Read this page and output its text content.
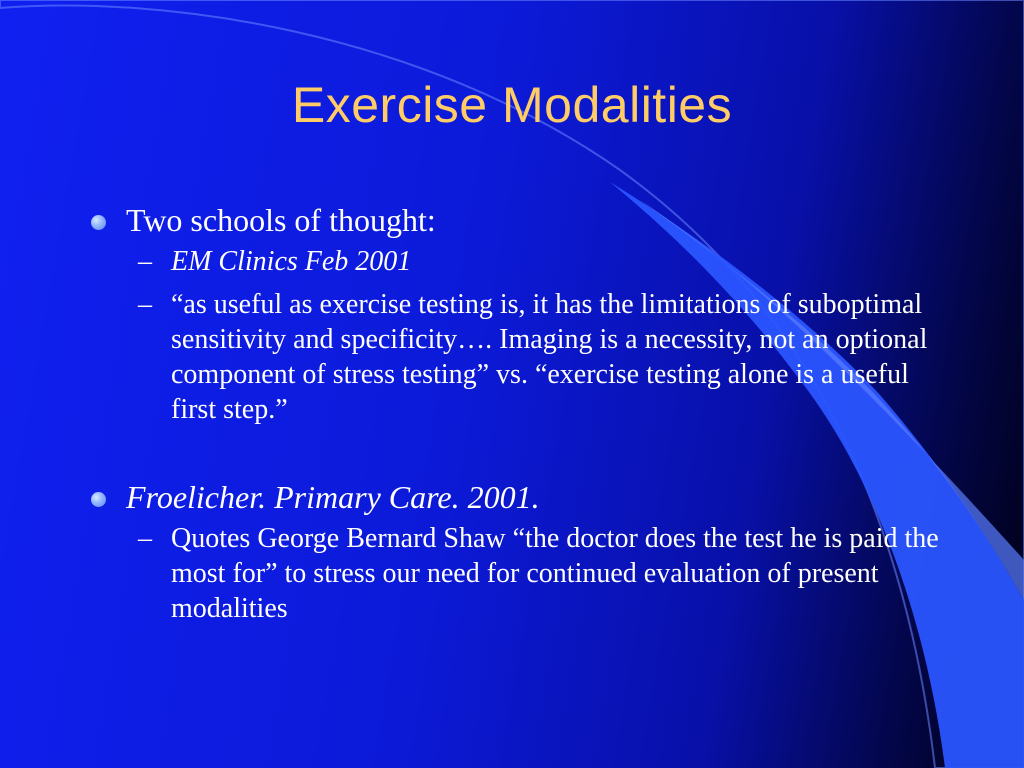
Exercise Modalities
Two schools of thought:
– EM Clinics Feb 2001
– “as useful as exercise testing is, it has the limitations of suboptimal sensitivity and specificity…. Imaging is a necessity, not an optional component of stress testing” vs. “exercise testing alone is a useful first step.”
Froelicher. Primary Care. 2001.
– Quotes George Bernard Shaw “the doctor does the test he is paid the most for” to stress our need for continued evaluation of present modalities
